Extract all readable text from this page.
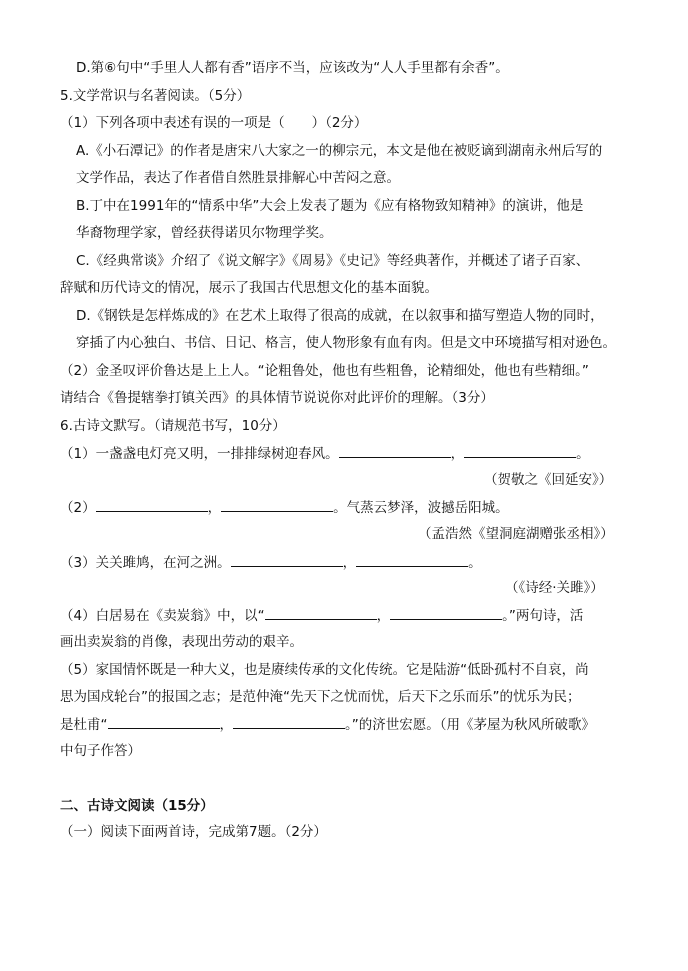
D.第⑥句中“手里人人都有香”语序不当，应该改为“人人手里都有余香”。
5.文学常识与名著阅读。（5分）
（1）下列各项中表述有误的一项是（　　）（2分）
A.《小石潭记》的作者是唐宋八大家之一的柳宗元，本文是他在被贬谪到湖南永州后写的
文学作品，表达了作者借自然胜景排解心中苦闷之意。
B.丁中在1991年的“情系中华”大会上发表了题为《应有格物致知精神》的演讲，他是
华裔物理学家，曾经获得诺贝尔物理学奖。
C.《经典常谈》介绍了《说文解字》《周易》《史记》等经典著作，并概述了诸子百家、
辞赋和历代诗文的情况，展示了我国古代思想文化的基本面貌。
D.《钢铁是怎样炼成的》在艺术上取得了很高的成就，在以叙事和描写塑造人物的同时，
穿插了内心独白、书信、日记、格言，使人物形象有血有肉。但是文中环境描写相对逊色。
（2）金圣叹评价鲁达是上上人。“论粗鲁处，他也有些粗鲁，论精细处，他也有些精细。”
请结合《鲁提辖拳打镇关西》的具体情节说说你对此评价的理解。（3分）
6.古诗文默写。（请规范书写，10分）
（1）一盏盏电灯亮又明，一排排绿树迎春风。	，	。
（贺敬之《回延安》）
（2）	，	。气蒸云梦泽，波撼岳阳城。
（孟浩然《望洞庭湖赠张丞相》）
（3）关关雎鸠，在河之洲。	，	。
（《诗经·关雎》）
（4）白居易在《卖炭翁》中，以“	，	。”两句诗，活
画出卖炭翁的肖像，表现出劳动的艰辛。
（5）家国情怀既是一种大义，也是赓续传承的文化传统。它是陆游“低卧孤村不自哀，尚
思为国戍轮台”的报国之志；是范仲淹“先天下之忧而忧，后天下之乐而乐”的忧乐为民；
是杜甫“	，	。”的济世宏愿。（用《茅屋为秋风所破歌》
中句子作答）
二、古诗文阅读（15分）
（一）阅读下面两首诗，完成第7题。（2分）
